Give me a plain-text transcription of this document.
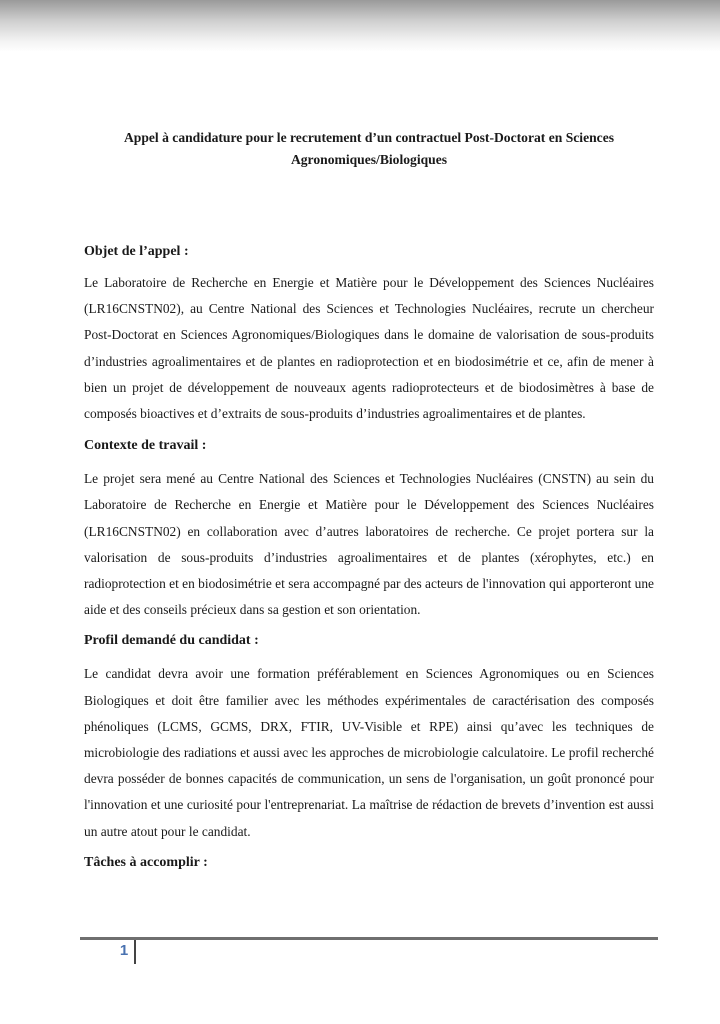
Appel à candidature pour le recrutement d’un contractuel Post-Doctorat en Sciences Agronomiques/Biologiques

Objet de l’appel :

Le Laboratoire de Recherche en Energie et Matière pour le Développement des Sciences Nucléaires (LR16CNSTN02), au Centre National des Sciences et Technologies Nucléaires, recrute un chercheur Post-Doctorat en Sciences Agronomiques/Biologiques dans le domaine de valorisation de sous-produits d’industries agroalimentaires et de plantes en radioprotection et en biodosimétrie et ce, afin de mener à bien un projet de développement de nouveaux agents radioprotecteurs et de biodosimètres à base de composés bioactives et d’extraits de sous-produits d’industries agroalimentaires et de plantes.

Contexte de travail :

Le projet sera mené au Centre National des Sciences et Technologies Nucléaires (CNSTN) au sein du Laboratoire de Recherche en Energie et Matière pour le Développement des Sciences Nucléaires (LR16CNSTN02) en collaboration avec d’autres laboratoires de recherche. Ce projet portera sur la valorisation de sous-produits d’industries agroalimentaires et de plantes (xérophytes, etc.) en radioprotection et en biodosimétrie et sera accompagné par des acteurs de l'innovation qui apporteront une aide et des conseils précieux dans sa gestion et son orientation.

Profil demandé du candidat :

Le candidat devra avoir une formation préférablement en Sciences Agronomiques ou en Sciences Biologiques et doit être familier avec les méthodes expérimentales de caractérisation des composés phénoliques (LCMS, GCMS, DRX, FTIR, UV-Visible et RPE) ainsi qu’avec les techniques de microbiologie des radiations et aussi avec les approches de microbiologie calculatoire. Le profil recherché devra posséder de bonnes capacités de communication, un sens de l'organisation, un goût prononcé pour l'innovation et une curiosité pour l'entreprenariat. La maîtrise de rédaction de brevets d’invention est aussi un autre atout pour le candidat.

Tâches à accomplir :

1
